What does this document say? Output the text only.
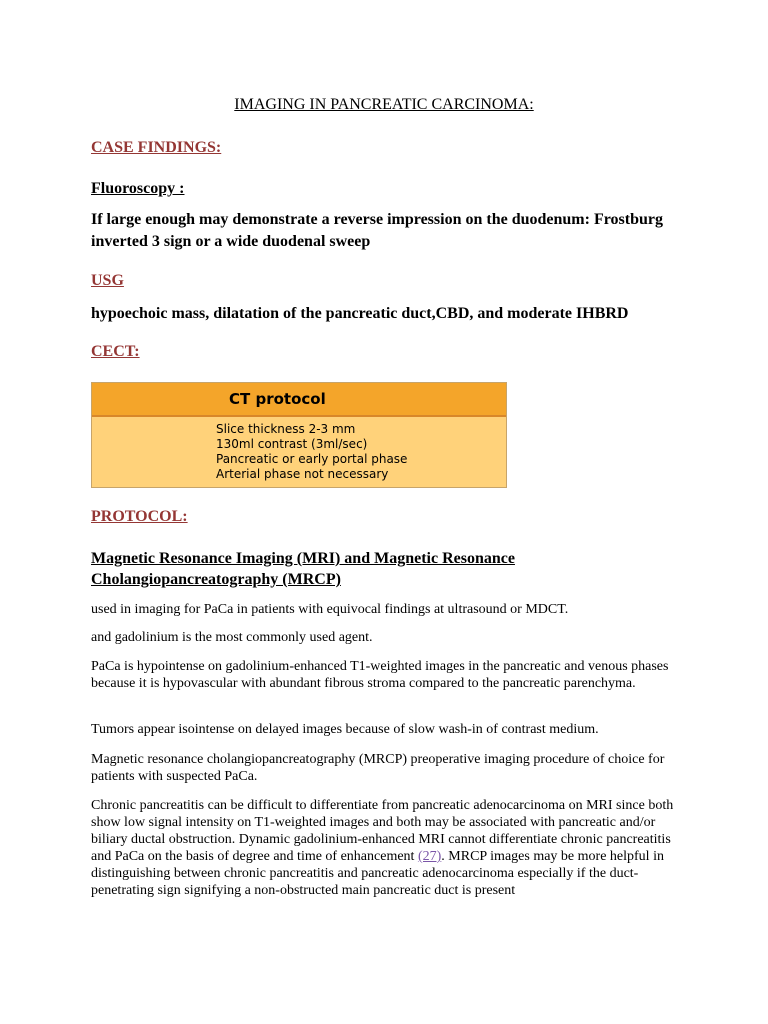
IMAGING IN PANCREATIC CARCINOMA:
CASE FINDINGS:
Fluoroscopy :
If large enough may demonstrate a reverse impression on the duodenum: Frostburg inverted 3 sign or a wide duodenal sweep
USG
hypoechoic mass, dilatation of the pancreatic duct,CBD, and moderate IHBRD
CECT:
CT protocol
Slice thickness 2-3 mm
130ml contrast (3ml/sec)
Pancreatic or early portal phase
Arterial phase not necessary
PROTOCOL:
Magnetic Resonance Imaging (MRI) and Magnetic Resonance
Cholangiopancreatography (MRCP)
used in imaging for PaCa in patients with equivocal findings at ultrasound or MDCT.
and gadolinium is the most commonly used agent.
PaCa is hypointense on gadolinium-enhanced T1-weighted images in the pancreatic and venous phases because it is hypovascular with abundant fibrous stroma compared to the pancreatic parenchyma.
Tumors appear isointense on delayed images because of slow wash-in of contrast medium.
Magnetic resonance cholangiopancreatography (MRCP) preoperative imaging procedure of choice for patients with suspected PaCa.
Chronic pancreatitis can be difficult to differentiate from pancreatic adenocarcinoma on MRI since both show low signal intensity on T1-weighted images and both may be associated with pancreatic and/or biliary ductal obstruction. Dynamic gadolinium-enhanced MRI cannot differentiate chronic pancreatitis and PaCa on the basis of degree and time of enhancement (27). MRCP images may be more helpful in distinguishing between chronic pancreatitis and pancreatic adenocarcinoma especially if the duct-penetrating sign signifying a non-obstructed main pancreatic duct is present
